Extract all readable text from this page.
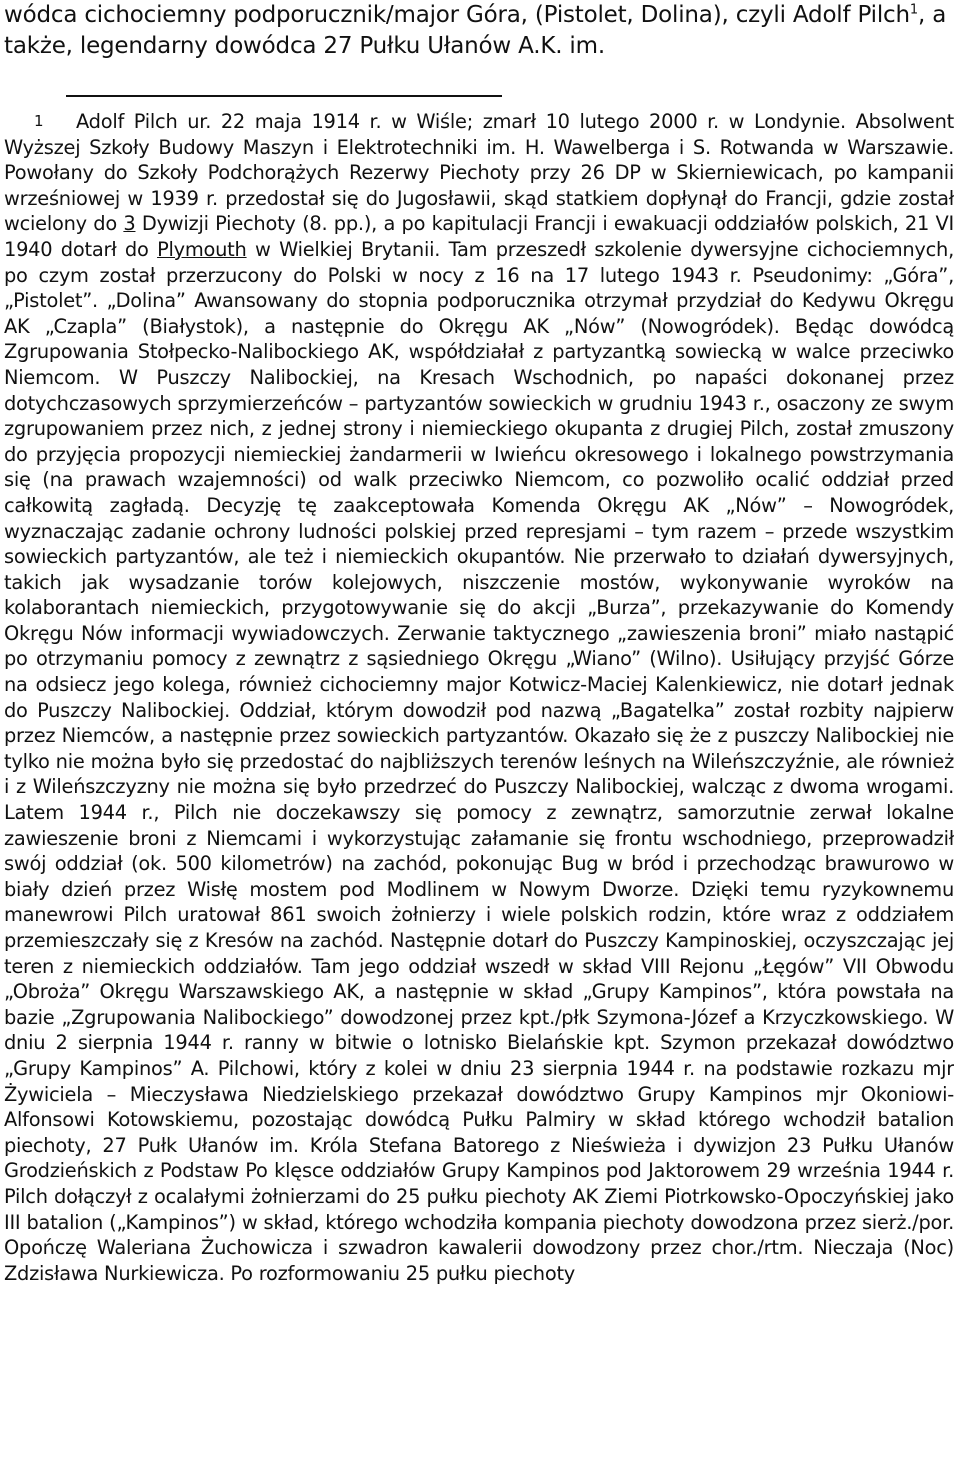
wódca cichociemny podporucznik/major Góra, (Pistolet, Dolina), czyli Adolf Pilch$^1$, a także, legendarny dowódca 27 Pułku Ułanów A.K. im.

1 Adolf Pilch ur. 22 maja 1914 r. w Wiśle; zmarł 10 lutego 2000 r. w Londynie. Absolwent Wyższej Szkoły Budowy Maszyn i Elektrotechniki im. H. Wawelberga i S. Rotwanda w Warszawie. Powołany do Szkoły Podchorążych Rezerwy Piechoty przy 26 DP w Skierniewicach, po kampanii wrześniowej w 1939 r. przedostał się do Jugosławii, skąd statkiem dopłynął do Francji, gdzie został wcielony do 3 Dywizji Piechoty (8. pp.), a po kapitulacji Francji i ewakuacji oddziałów polskich, 21 VI 1940 dotarł do Plymouth w Wielkiej Brytanii. Tam przeszedł szkolenie dywersyjne cichociemnych, po czym został przerzucony do Polski w nocy z 16 na 17 lutego 1943 r. Pseudonimy: „Góra”, „Pistolet”. „Dolina” Awansowany do stopnia podporucznika otrzymał przydział do Kedywu Okręgu AK „Czapla” (Białystok), a następnie do Okręgu AK „Nów” (Nowogródek). Będąc dowódcą Zgrupowania Stołpecko-Nalibockiego AK, współdziałał z partyzantką sowiecką w walce przeciwko Niemcom. W Puszczy Nalibockiej, na Kresach Wschodnich, po napaści dokonanej przez dotychczasowych sprzymierzeńców – partyzantów sowieckich w grudniu 1943 r., osaczony ze swym zgrupowaniem przez nich, z jednej strony i niemieckiego okupanta z drugiej Pilch, został zmuszony do przyjęcia propozycji niemieckiej żandarmerii w Iwieńcu okresowego i lokalnego powstrzymania się (na prawach wzajemności) od walk przeciwko Niemcom, co pozwoliło ocalić oddział przed całkowitą zagładą. Decyzję tę zaakceptowała Komenda Okręgu AK „Nów” – Nowogródek, wyznaczając zadanie ochrony ludności polskiej przed represjami – tym razem – przede wszystkim sowieckich partyzantów, ale też i niemieckich okupantów. Nie przerwało to działań dywersyjnych, takich jak wysadzanie torów kolejowych, niszczenie mostów, wykonywanie wyroków na kolaborantach niemieckich, przygotowywanie się do akcji „Burza”, przekazywanie do Komendy Okręgu Nów informacji wywiadowczych. Zerwanie taktycznego „zawieszenia broni” miało nastąpić po otrzymaniu pomocy z zewnątrz z sąsiedniego Okręgu „Wiano” (Wilno). Usiłujący przyjść Górze na odsiecz jego kolega, również cichociemny major Kotwicz-Maciej Kalenkiewicz, nie dotarł jednak do Puszczy Nalibockiej. Oddział, którym dowodził pod nazwą „Bagatelka” został rozbity najpierw przez Niemców, a następnie przez sowieckich partyzantów. Okazało się że z puszczy Nalibockiej nie tylko nie można było się przedostać do najbliższych terenów leśnych na Wileńszczyźnie, ale również i z Wileńszczyzny nie można się było przedrzeć do Puszczy Nalibockiej, walcząc z dwoma wrogami. Latem 1944 r., Pilch nie doczekawszy się pomocy z zewnątrz, samorzutnie zerwał lokalne zawieszenie broni z Niemcami i wykorzystując załamanie się frontu wschodniego, przeprowadził swój oddział (ok. 500 kilometrów) na zachód, pokonując Bug w bród i przechodząc brawurowo w biały dzień przez Wisłę mostem pod Modlinem w Nowym Dworze. Dzięki temu ryzykownemu manewrowi Pilch uratował 861 swoich żołnierzy i wiele polskich rodzin, które wraz z oddziałem przemieszczały się z Kresów na zachód. Następnie dotarł do Puszczy Kampinoskiej, oczyszczając jej teren z niemieckich oddziałów. Tam jego oddział wszedł w skład VIII Rejonu „Łęgów” VII Obwodu „Obroża” Okręgu Warszawskiego AK, a następnie w skład „Grupy Kampinos”, która powstała na bazie „Zgrupowania Nalibockiego” dowodzonej przez kpt./płk Szymona-Józef a Krzyczkowskiego. W dniu 2 sierpnia 1944 r. ranny w bitwie o lotnisko Bielańskie kpt. Szymon przekazał dowództwo „Grupy Kampinos” A. Pilchowi, który z kolei w dniu 23 sierpnia 1944 r. na podstawie rozkazu mjr Żywiciela – Mieczysława Niedzielskiego przekazał dowództwo Grupy Kampinos mjr Okoniowi-Alfonsowi Kotowskiemu, pozostając dowódcą Pułku Palmiry w skład którego wchodził batalion piechoty, 27 Pułk Ułanów im. Króla Stefana Batorego z Nieświeża i dywizjon 23 Pułku Ułanów Grodzieńskich z Podstaw Po klęsce oddziałów Grupy Kampinos pod Jaktorowem 29 września 1944 r. Pilch dołączył z ocalałymi żołnierzami do 25 pułku piechoty AK Ziemi Piotrkowsko-Opoczyńskiej jako III batalion („Kampinos”) w skład, którego wchodziła kompania piechoty dowodzona przez sierż./por. Opończę Waleriana Żuchowicza i szwadron kawalerii dowodzony przez chor./rtm. Nieczaja (Noc) Zdzisława Nurkiewicza. Po rozformowaniu 25 pułku piechoty
